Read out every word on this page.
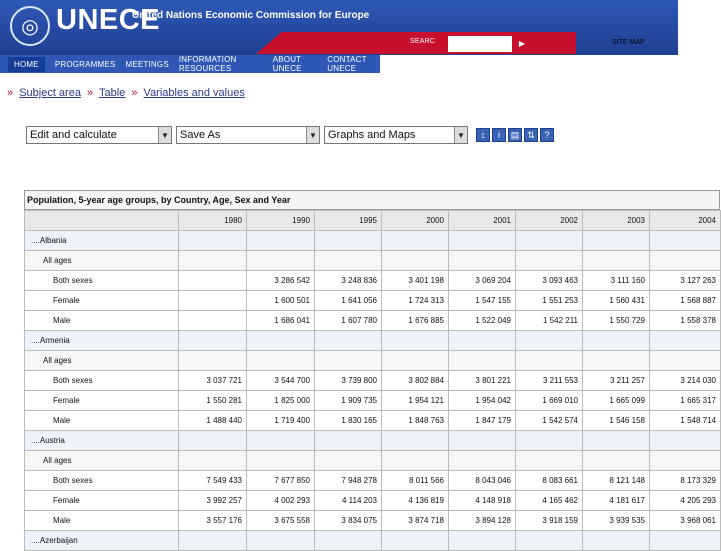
◎ UNECE
United Nations Economic Commission for Europe
SEARC	▶	SITE MAP
HOME	PROGRAMMES MEETINGS INFORMATION RESOURCES
ABOUT UNECE
CONTACT UNECE
» Subject area » Table » Variables and values
Edit and calculate	▼ Save As	▼ Graphs and Maps	▼	↕	i	▤ ⇅	?
Population, 5-year age groups, by Country, Age, Sex and Year
	1980	1990	1995	2000	2001	2002	2003	2004
....Albania								
All ages								
Both sexes		3 286 542	3 248 836	3 401 198	3 069 204	3 093 463	3 111 160	3 127 263
Female		1 600 501	1 641 056	1 724 313	1 547 155	1 551 253	1 560 431	1 568 887
Male		1 686 041	1 607 780	1 676 885	1 522 049	1 542 211	1 550 729	1 558 378
....Armenia								
All ages								
Both sexes	3 037 721	3 544 700	3 739 800	3 802 884	3 801 221	3 211 553	3 211 257	3 214 030
Female	1 550 281	1 825 000	1 909 735	1 954 121	1 954 042	1 669 010	1 665 099	1 665 317
Male	1 488 440	1 719 400	1 830 165	1 848 763	1 847 179	1 542 574	1 546 158	1 548 714
....Austria								
All ages								
Both sexes	7 549 433	7 677 850	7 948 278	8 011 566	8 043 046	8 083 661	8 121 148	8 173 329
Female	3 992 257	4 002 293	4 114 203	4 136 819	4 148 918	4 165 462	4 181 617	4 205 293
Male	3 557 176	3 675 558	3 834 075	3 874 718	3 894 128	3 918 159	3 939 535	3 968 061
....Azerbaijan								
